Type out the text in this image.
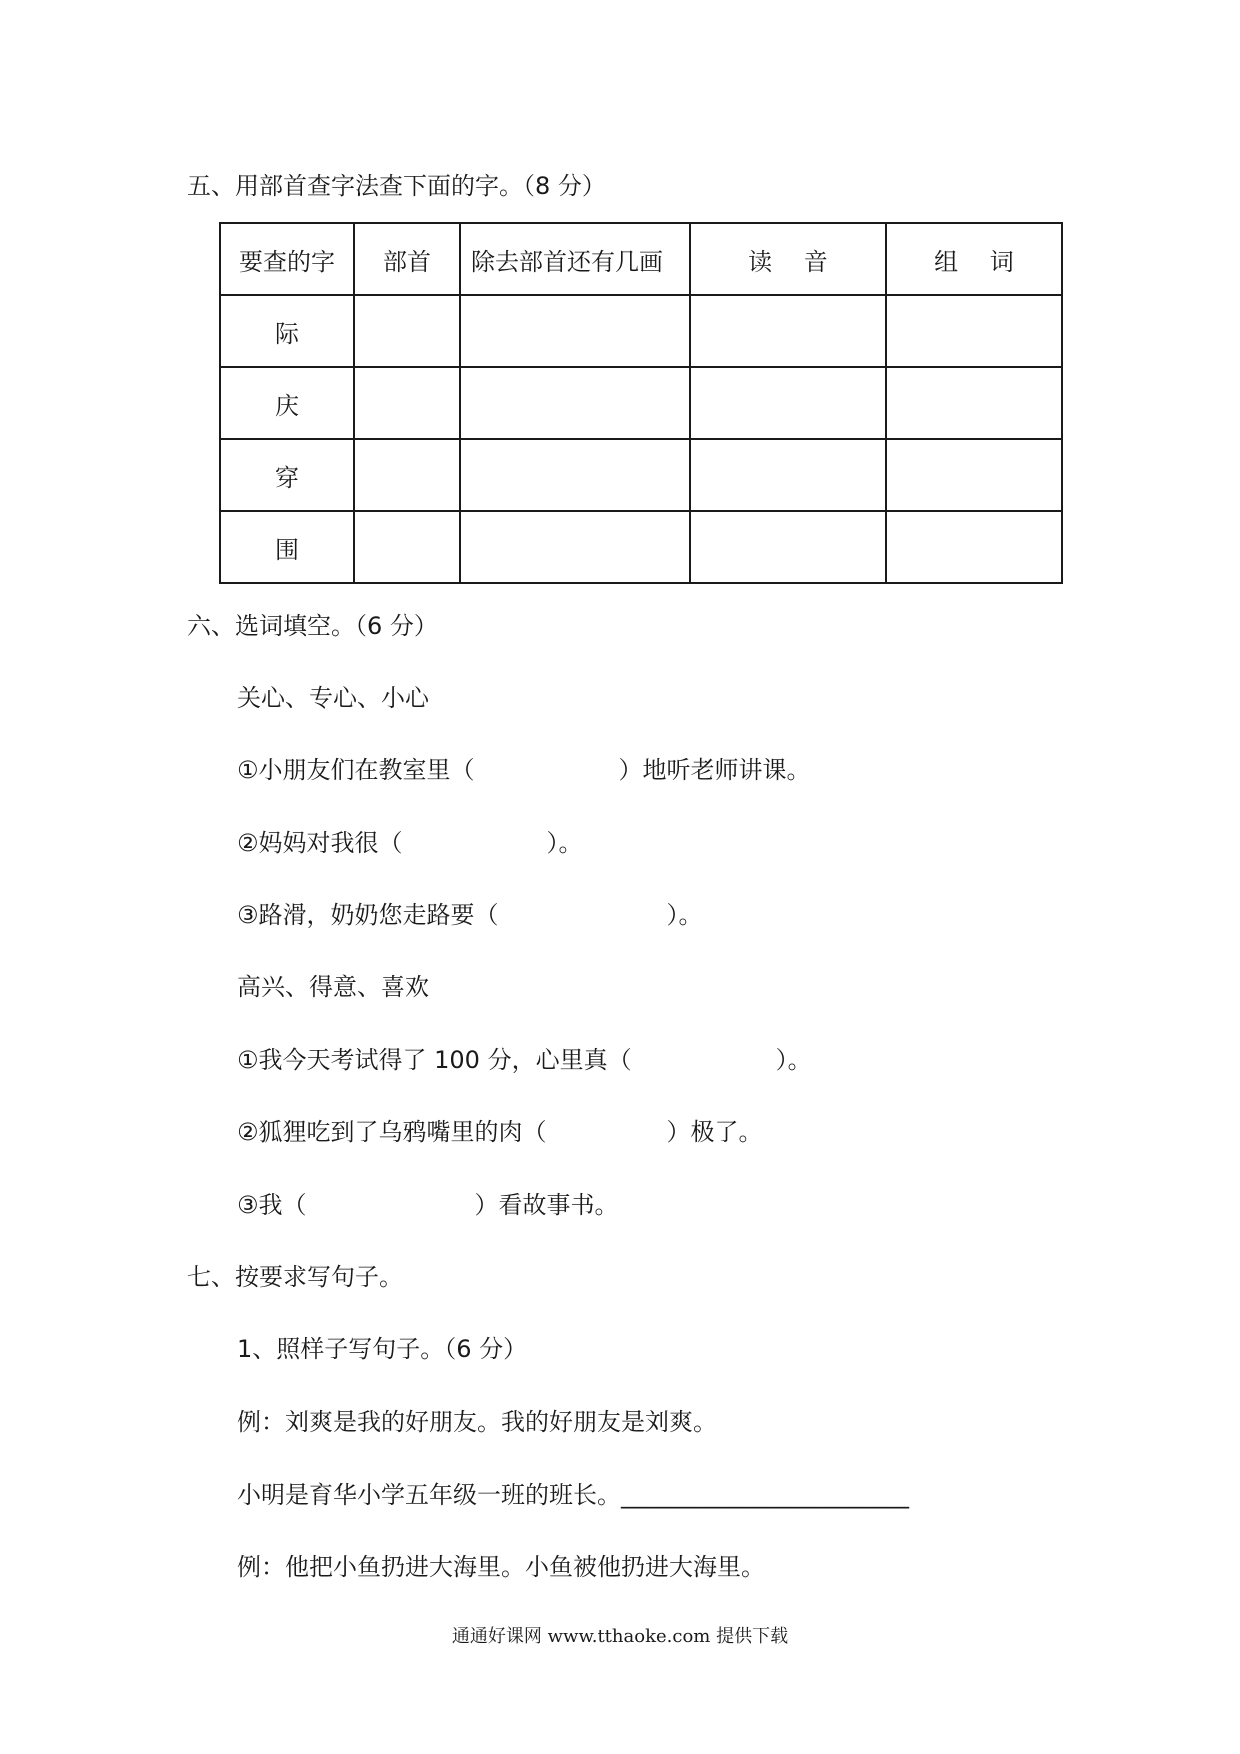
五、用部首查字法查下面的字。（8 分）
要查的字	部首	除去部首还有几画	读　 音	组　 词
际				
庆				
穿				
围				
六、选词填空。（6 分）
关心、专心、小心
①小朋友们在教室里（　　　　　　）地听老师讲课。
②妈妈对我很（　　　　　　）。
③路滑，奶奶您走路要（　　　　　　　）。
高兴、得意、喜欢
①我今天考试得了 100 分，心里真（　　　　　　）。
②狐狸吃到了乌鸦嘴里的肉（　　　　　）极了。
③我（　　　　　　　）看故事书。
七、按要求写句子。
1、照样子写句子。（6 分）
例：刘爽是我的好朋友。我的好朋友是刘爽。
小明是育华小学五年级一班的班长。________________________
例：他把小鱼扔进大海里。小鱼被他扔进大海里。
通通好课网 www.tthaoke.com 提供下载
